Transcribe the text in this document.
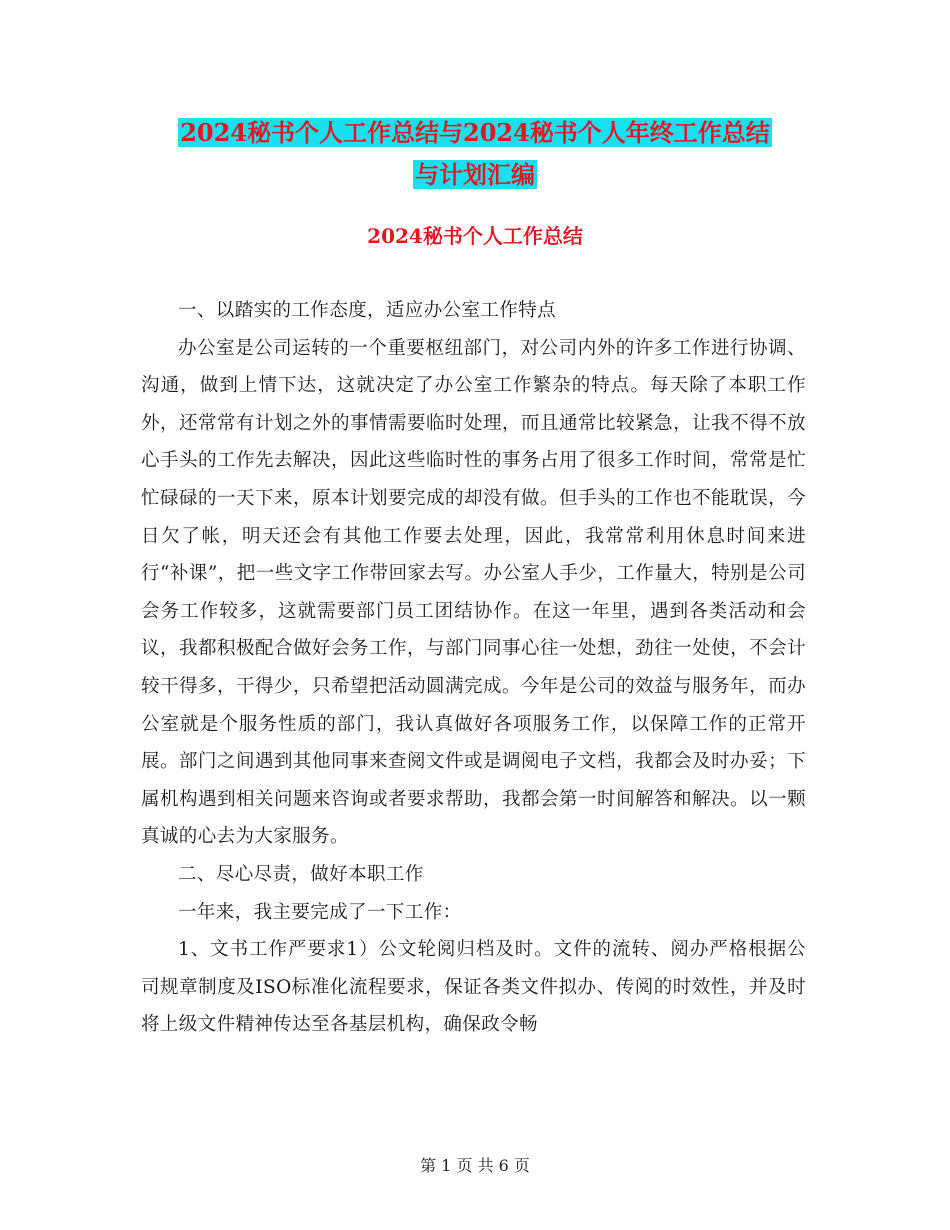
2024秘书个人工作总结与2024秘书个人年终工作总结
与计划汇编
2024秘书个人工作总结

一、以踏实的工作态度，适应办公室工作特点

办公室是公司运转的一个重要枢纽部门，对公司内外的许多工作进行协调、沟通，做到上情下达，这就决定了办公室工作繁杂的特点。每天除了本职工作外，还常常有计划之外的事情需要临时处理，而且通常比较紧急，让我不得不放心手头的工作先去解决，因此这些临时性的事务占用了很多工作时间，常常是忙忙碌碌的一天下来，原本计划要完成的却没有做。但手头的工作也不能耽误，今日欠了帐，明天还会有其他工作要去处理，因此，我常常利用休息时间来进行“补课”，把一些文字工作带回家去写。办公室人手少，工作量大，特别是公司会务工作较多，这就需要部门员工团结协作。在这一年里，遇到各类活动和会议，我都积极配合做好会务工作，与部门同事心往一处想，劲往一处使，不会计较干得多，干得少，只希望把活动圆满完成。今年是公司的效益与服务年，而办公室就是个服务性质的部门，我认真做好各项服务工作，以保障工作的正常开展。部门之间遇到其他同事来查阅文件或是调阅电子文档，我都会及时办妥；下属机构遇到相关问题来咨询或者要求帮助，我都会第一时间解答和解决。以一颗真诚的心去为大家服务。

二、尽心尽责，做好本职工作

一年来，我主要完成了一下工作：

1、文书工作严要求1）公文轮阅归档及时。文件的流转、阅办严格根据公司规章制度及ISO标准化流程要求，保证各类文件拟办、传阅的时效性，并及时将上级文件精神传达至各基层机构，确保政令畅

第 1 页 共 6 页
